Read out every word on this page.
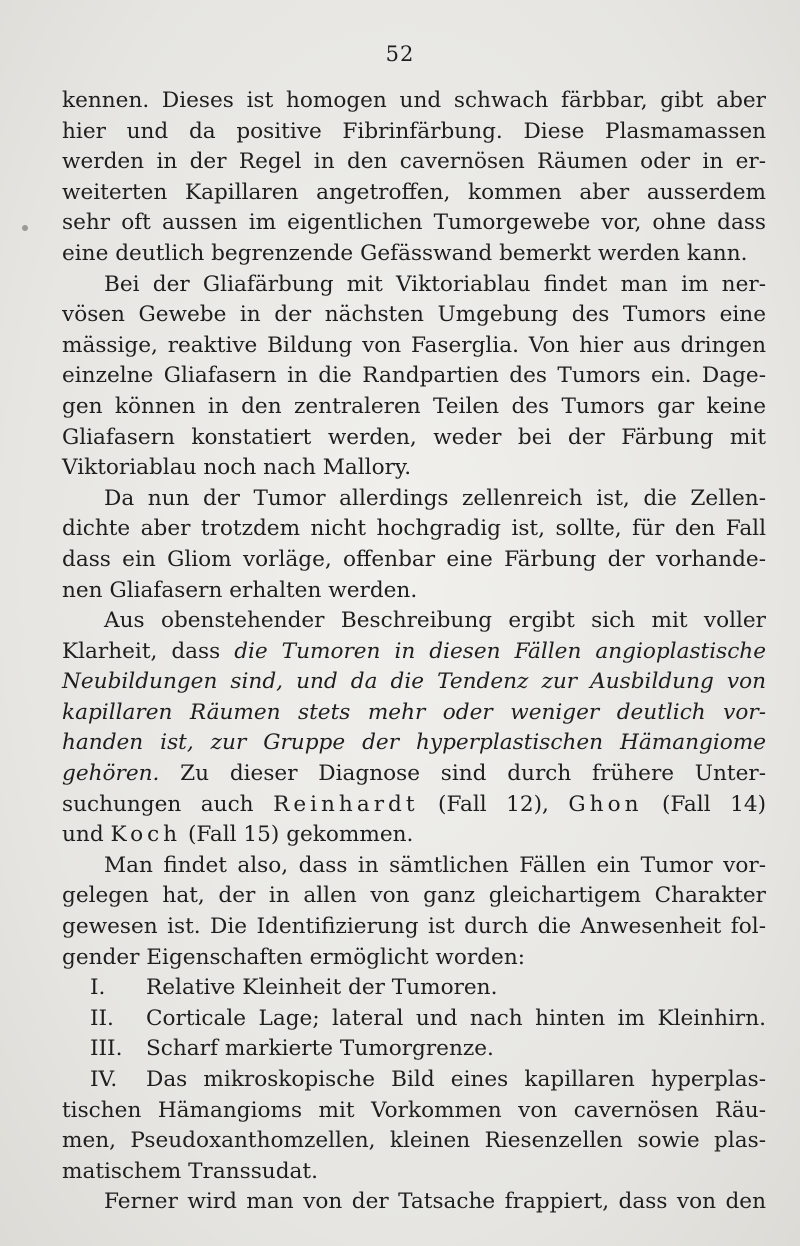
52
kennen. Dieses ist homogen und schwach färbbar, gibt aber
hier und da positive Fibrinfärbung. Diese Plasmamassen
werden in der Regel in den cavernösen Räumen oder in er-
weiterten Kapillaren angetroffen, kommen aber ausserdem
sehr oft aussen im eigentlichen Tumorgewebe vor, ohne dass
eine deutlich begrenzende Gefässwand bemerkt werden kann.
Bei der Gliafärbung mit Viktoriablau findet man im ner-
vösen Gewebe in der nächsten Umgebung des Tumors eine
mässige, reaktive Bildung von Faserglia. Von hier aus dringen
einzelne Gliafasern in die Randpartien des Tumors ein. Dage-
gen können in den zentraleren Teilen des Tumors gar keine
Gliafasern konstatiert werden, weder bei der Färbung mit
Viktoriablau noch nach Mallory.
Da nun der Tumor allerdings zellenreich ist, die Zellen-
dichte aber trotzdem nicht hochgradig ist, sollte, für den Fall
dass ein Gliom vorläge, offenbar eine Färbung der vorhande-
nen Gliafasern erhalten werden.
Aus obenstehender Beschreibung ergibt sich mit voller
Klarheit, dass die Tumoren in diesen Fällen angioplastische
Neubildungen sind, und da die Tendenz zur Ausbildung von
kapillaren Räumen stets mehr oder weniger deutlich vor-
handen ist, zur Gruppe der hyperplastischen Hämangiome
gehören. Zu dieser Diagnose sind durch frühere Unter-
suchungen auch Reinhardt (Fall 12), Ghon (Fall 14)
und Koch (Fall 15) gekommen.
Man findet also, dass in sämtlichen Fällen ein Tumor vor-
gelegen hat, der in allen von ganz gleichartigem Charakter
gewesen ist. Die Identifizierung ist durch die Anwesenheit fol-
gender Eigenschaften ermöglicht worden:
I. Relative Kleinheit der Tumoren.
II. Corticale Lage; lateral und nach hinten im Kleinhirn.
III. Scharf markierte Tumorgrenze.
IV. Das mikroskopische Bild eines kapillaren hyperplas-
tischen Hämangioms mit Vorkommen von cavernösen Räu-
men, Pseudoxanthomzellen, kleinen Riesenzellen sowie plas-
matischem Transsudat.
Ferner wird man von der Tatsache frappiert, dass von den
